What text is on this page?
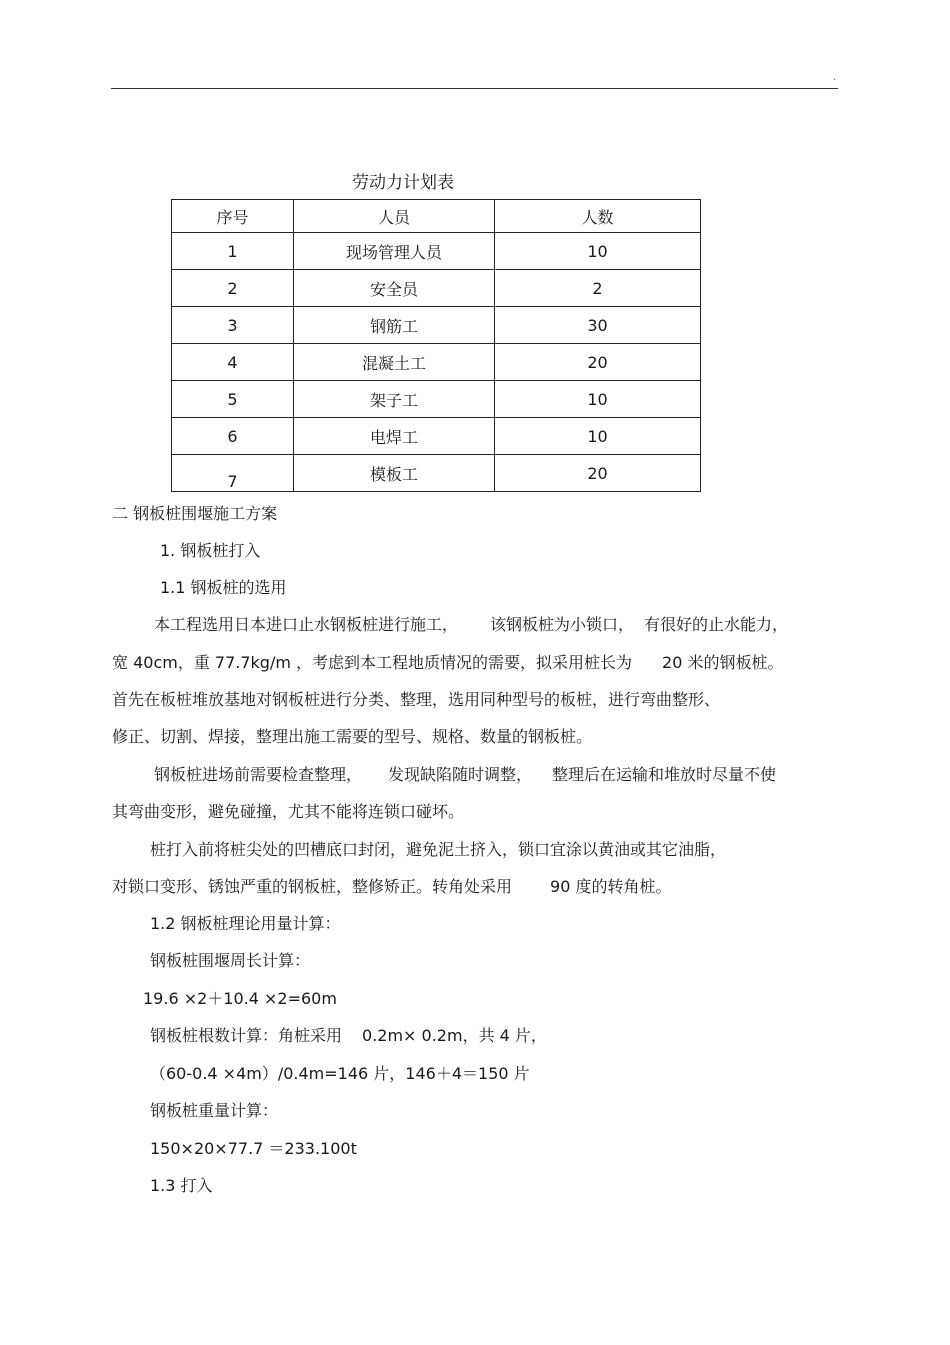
.
劳动力计划表
序号	人员	人数
1	现场管理人员	10
2	安全员	2
3	钢筋工	30
4	混凝土工	20
5	架子工	10
6	电焊工	10
7	模板工	20
二 钢板桩围堰施工方案
1. 钢板桩打入
1.1 钢板桩的选用
本工程选用日本进口止水钢板桩进行施工， 该钢板桩为小锁口， 有很好的止水能力，
宽 40cm，重 77.7kg/m ，考虑到本工程地质情况的需要，拟采用桩长为 20 米的钢板桩。
首先在板桩堆放基地对钢板桩进行分类、整理，选用同种型号的板桩，进行弯曲整形、
修正、切割、焊接，整理出施工需要的型号、规格、数量的钢板桩。
钢板桩进场前需要检查整理， 发现缺陷随时调整， 整理后在运输和堆放时尽量不使
其弯曲变形，避免碰撞，尤其不能将连锁口碰坏。
桩打入前将桩尖处的凹槽底口封闭，避免泥土挤入，锁口宜涂以黄油或其它油脂，
对锁口变形、锈蚀严重的钢板桩，整修矫正。转角处采用 90 度的转角桩。
1.2 钢板桩理论用量计算：
钢板桩围堰周长计算：
19.6 ×2＋10.4 ×2=60m
钢板桩根数计算：角桩采用 0.2m× 0.2m，共 4 片，
（60-0.4 ×4m）/0.4m=146 片，146＋4＝150 片
钢板桩重量计算：
150×20×77.7 ＝233.100t
1.3 打入
